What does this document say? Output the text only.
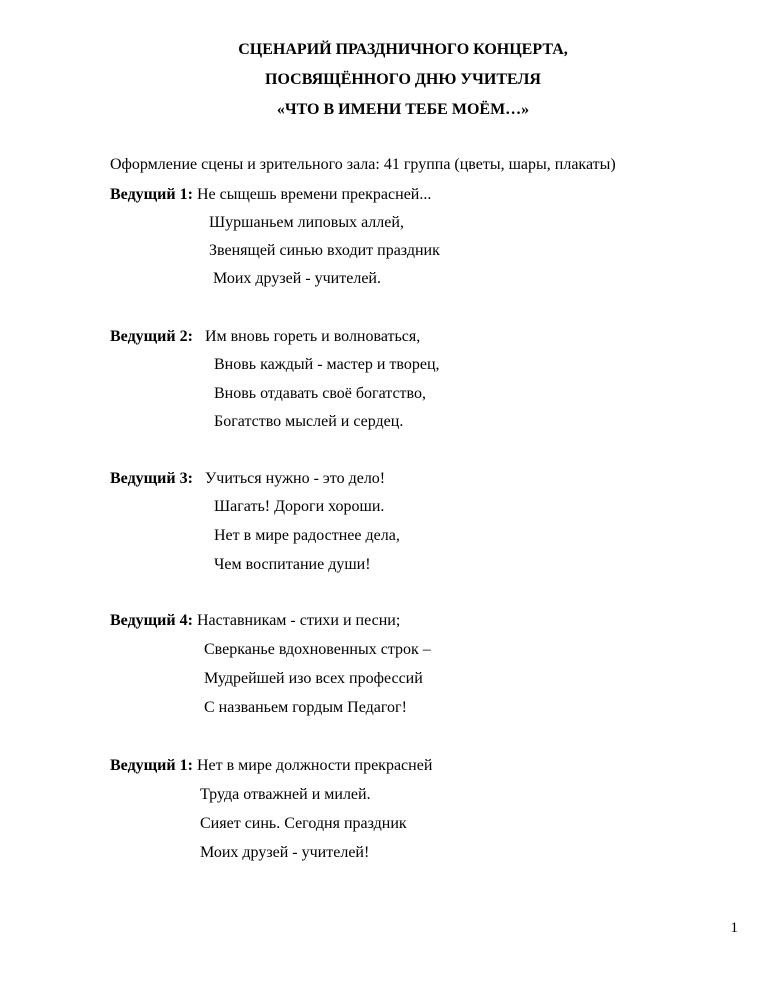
СЦЕНАРИЙ ПРАЗДНИЧНОГО КОНЦЕРТА,
ПОСВЯЩЁННОГО ДНЮ УЧИТЕЛЯ
«ЧТО В ИМЕНИ ТЕБЕ МОЁМ…»
Оформление сцены и зрительного зала: 41 группа (цветы, шары, плакаты)
Ведущий 1: Не сыщешь времени прекрасней...
Шуршаньем липовых аллей,
Звенящей синью входит праздник
Моих друзей - учителей.
Ведущий 2: Им вновь гореть и волноваться,
Вновь каждый - мастер и творец,
Вновь отдавать своё богатство,
Богатство мыслей и сердец.
Ведущий 3: Учиться нужно - это дело!
Шагать! Дороги хороши.
Нет в мире радостнее дела,
Чем воспитание души!
Ведущий 4: Наставникам - стихи и песни;
Сверканье вдохновенных строк –
Мудрейшей изо всех профессий
С названьем гордым Педагог!
Ведущий 1: Нет в мире должности прекрасней
Труда отважней и милей.
Сияет синь. Сегодня праздник
Моих друзей - учителей!
1
